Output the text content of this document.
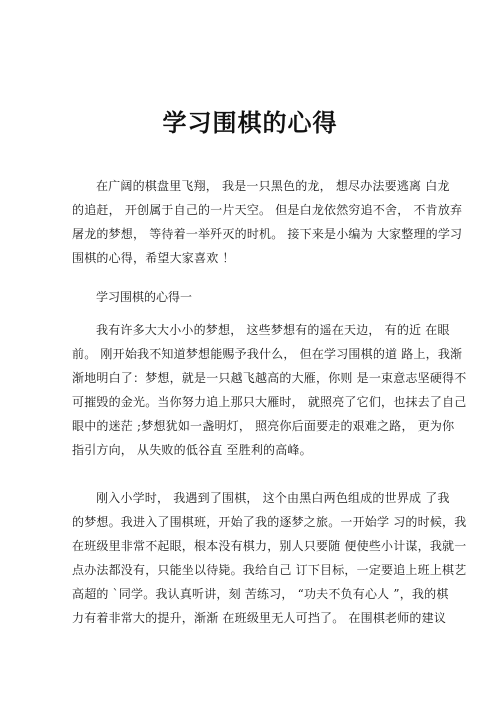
学习围棋的心得
在广阔的棋盘里飞翔， 我是一只黑色的龙， 想尽办法要逃离 白龙
的追赶， 开创属于自己的一片天空。 但是白龙依然穷追不舍， 不肯放弃
屠龙的梦想， 等待着一举歼灭的时机。 接下来是小编为 大家整理的学习
围棋的心得，希望大家喜欢 ！
学习围棋的心得一
我有许多大大小小的梦想， 这些梦想有的遥在天边， 有的近 在眼
前。 刚开始我不知道梦想能赐予我什么， 但在学习围棋的道 路上，我渐
渐地明白了：梦想，就是一只越飞越高的大雁，你则 是一束意志坚硬得不
可摧毁的金光。当你努力追上那只大雁时， 就照亮了它们，也抹去了自己
眼中的迷茫 ;梦想犹如一盏明灯， 照亮你后面要走的艰难之路， 更为你
指引方向， 从失败的低谷直 至胜利的高峰。
刚入小学时， 我遇到了围棋， 这个由黑白两色组成的世界成 了我
的梦想。我进入了围棋班，开始了我的逐梦之旅。一开始学 习的时候，我
在班级里非常不起眼，根本没有棋力，别人只要随 便使些小计谋，我就一
点办法都没有，只能坐以待毙。我给自己 订下目标，一定要追上班上棋艺
高超的 `同学。我认真听讲，刻 苦练习， “功夫不负有心人 ”，我的棋
力有着非常大的提升，渐渐 在班级里无人可挡了。 在围棋老师的建议
